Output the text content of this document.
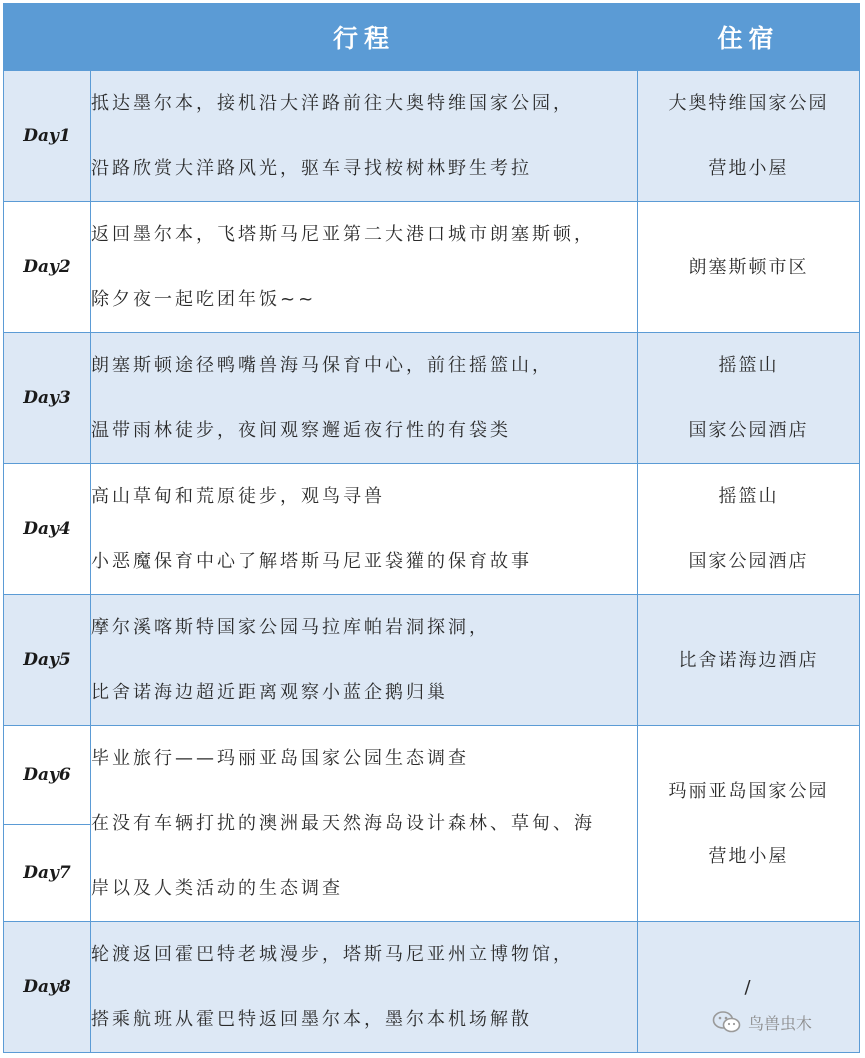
	行程	住宿
Day1	抵达墨尔本，接机沿大洋路前往大奥特维国家公园，
沿路欣赏大洋路风光，驱车寻找桉树林野生考拉	大奥特维国家公园
营地小屋

Day2	返回墨尔本，飞塔斯马尼亚第二大港口城市朗塞斯顿，
除夕夜一起吃团年饭~~	朗塞斯顿市区

Day3	朗塞斯顿途径鸭嘴兽海马保育中心，前往摇篮山，
温带雨林徒步，夜间观察邂逅夜行性的有袋类	摇篮山
国家公园酒店

Day4	高山草甸和荒原徒步，观鸟寻兽
小恶魔保育中心了解塔斯马尼亚袋獾的保育故事	摇篮山
国家公园酒店

Day5	摩尔溪喀斯特国家公园马拉库帕岩洞探洞，
比舍诺海边超近距离观察小蓝企鹅归巢	比舍诺海边酒店

Day6	毕业旅行——玛丽亚岛国家公园生态调查
在没有车辆打扰的澳洲最天然海岛设计森林、草甸、海
岸以及人类活动的生态调查	玛丽亚岛国家公园
营地小屋

Day7		
Day8	轮渡返回霍巴特老城漫步，塔斯马尼亚州立博物馆，
搭乘航班从霍巴特返回墨尔本，墨尔本机场解散	/
鸟兽虫木
